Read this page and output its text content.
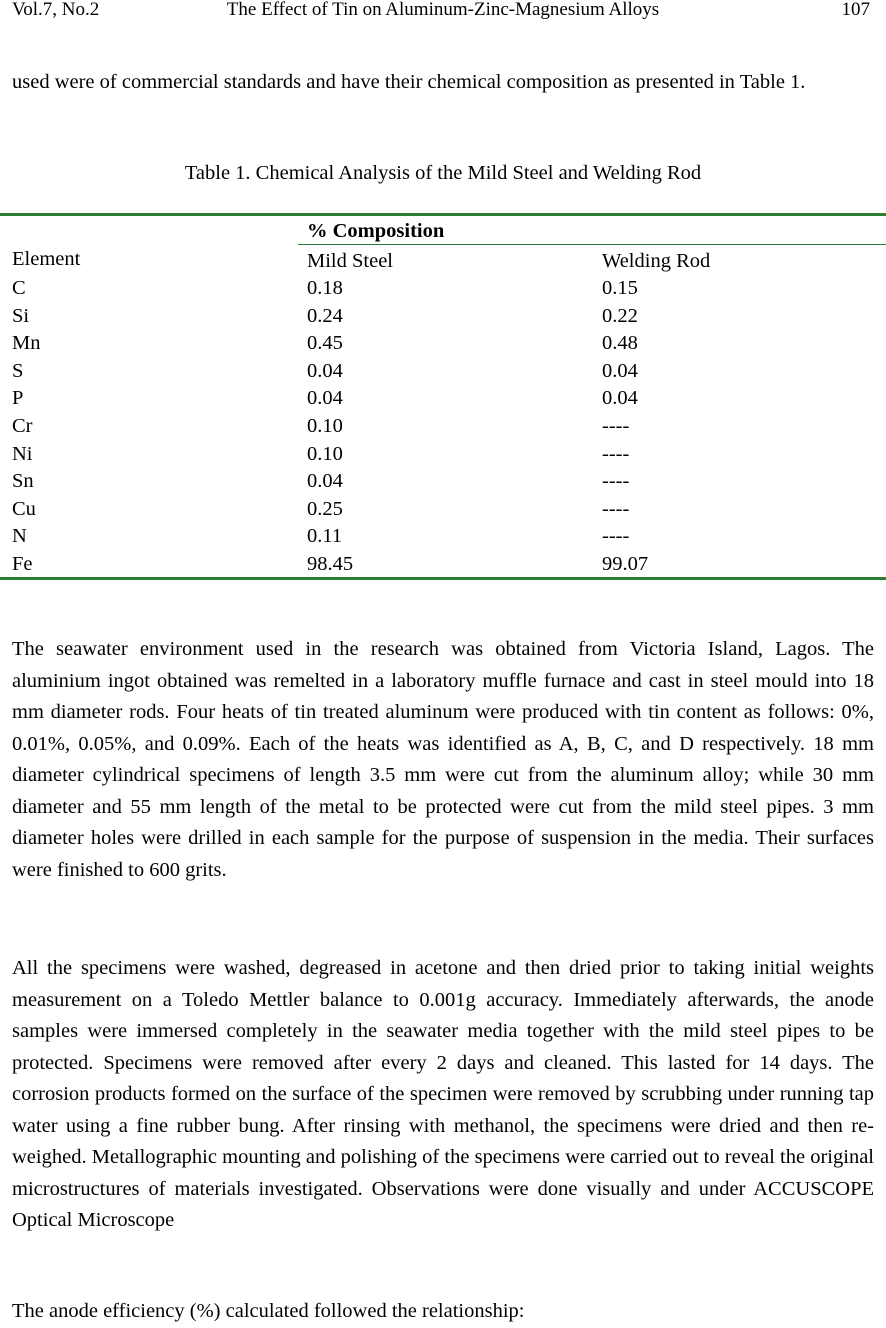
Vol.7, No.2	The Effect of Tin on Aluminum-Zinc-Magnesium Alloys	107

used were of commercial standards and have their chemical composition as presented in Table 1.

Table 1. Chemical Analysis of the Mild Steel and Welding Rod
% Composition
Element	Mild Steel	Welding Rod
C	0.18	0.15
Si	0.24	0.22
Mn	0.45	0.48
S	0.04	0.04
P	0.04	0.04
Cr	0.10	----
Ni	0.10	----
Sn	0.04	----
Cu	0.25	----
N	0.11	----
Fe	98.45	99.07

The seawater environment used in the research was obtained from Victoria Island, Lagos. The aluminium ingot obtained was remelted in a laboratory muffle furnace and cast in steel mould into 18 mm diameter rods. Four heats of tin treated aluminum were produced with tin content as follows: 0%, 0.01%, 0.05%, and 0.09%. Each of the heats was identified as A, B, C, and D respectively. 18 mm diameter cylindrical specimens of length 3.5 mm were cut from the aluminum alloy; while 30 mm diameter and 55 mm length of the metal to be protected were cut from the mild steel pipes. 3 mm diameter holes were drilled in each sample for the purpose of suspension in the media. Their surfaces were finished to 600 grits.

All the specimens were washed, degreased in acetone and then dried prior to taking initial weights measurement on a Toledo Mettler balance to 0.001g accuracy. Immediately afterwards, the anode samples were immersed completely in the seawater media together with the mild steel pipes to be protected. Specimens were removed after every 2 days and cleaned. This lasted for 14 days. The corrosion products formed on the surface of the specimen were removed by scrubbing under running tap water using a fine rubber bung. After rinsing with methanol, the specimens were dried and then re-weighed. Metallographic mounting and polishing of the specimens were carried out to reveal the original microstructures of materials investigated. Observations were done visually and under ACCUSCOPE Optical Microscope

The anode efficiency (%) calculated followed the relationship:
